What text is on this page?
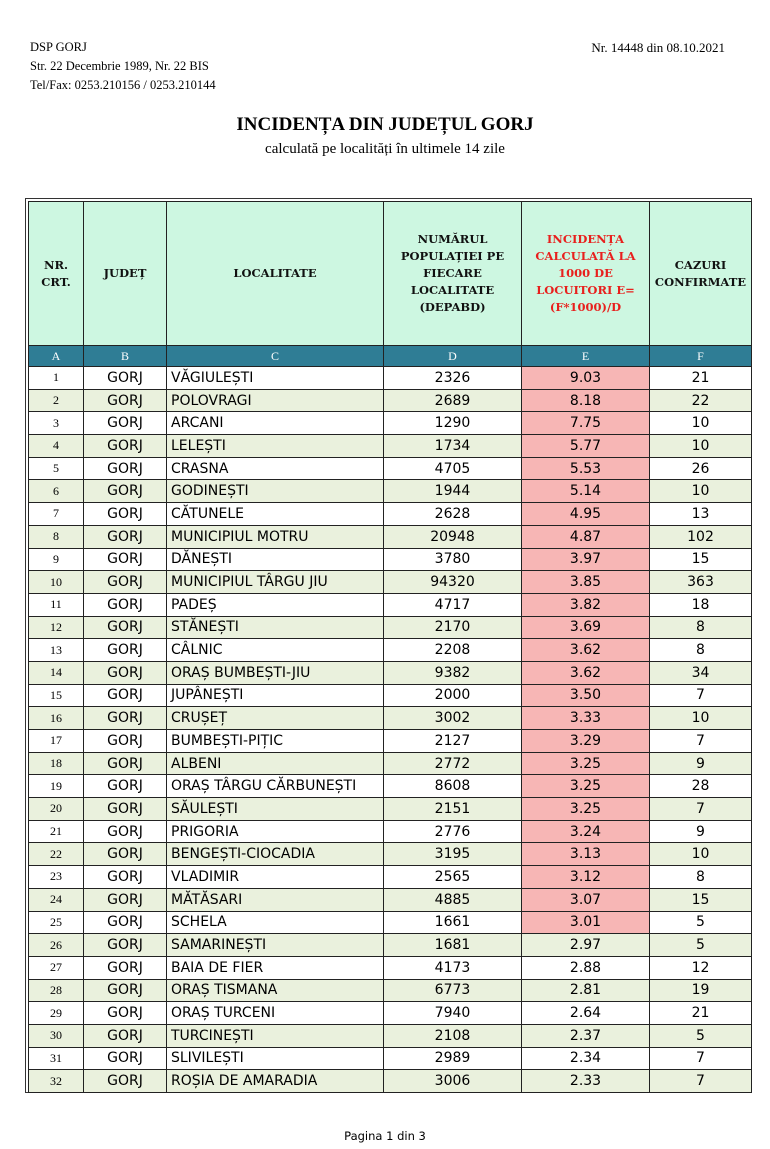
DSP GORJ
Str. 22 Decembrie 1989, Nr. 22 BIS
Tel/Fax: 0253.210156 / 0253.210144
Nr. 14448 din 08.10.2021
INCIDENȚA DIN JUDEȚUL GORJ
calculată pe localități în ultimele 14 zile
NR. CRT.	JUDEȚ	LOCALITATE	NUMĂRUL POPULAȚIEI PE FIECARE LOCALITATE (DEPABD)	INCIDENȚA CALCULATĂ LA 1000 DE LOCUITORI E=(F*1000)/D	CAZURI CONFIRMATE
A	B	C	D	E	F
1	GORJ	VĂGIULEȘTI	2326	9.03	21
2	GORJ	POLOVRAGI	2689	8.18	22
3	GORJ	ARCANI	1290	7.75	10
4	GORJ	LELEȘTI	1734	5.77	10
5	GORJ	CRASNA	4705	5.53	26
6	GORJ	GODINEȘTI	1944	5.14	10
7	GORJ	CĂTUNELE	2628	4.95	13
8	GORJ	MUNICIPIUL MOTRU	20948	4.87	102
9	GORJ	DĂNEȘTI	3780	3.97	15
10	GORJ	MUNICIPIUL TÂRGU JIU	94320	3.85	363
11	GORJ	PADEȘ	4717	3.82	18
12	GORJ	STĂNEȘTI	2170	3.69	8
13	GORJ	CÂLNIC	2208	3.62	8
14	GORJ	ORAȘ BUMBEȘTI-JIU	9382	3.62	34
15	GORJ	JUPÂNEȘTI	2000	3.50	7
16	GORJ	CRUȘEȚ	3002	3.33	10
17	GORJ	BUMBEȘTI-PIȚIC	2127	3.29	7
18	GORJ	ALBENI	2772	3.25	9
19	GORJ	ORAȘ TÂRGU CĂRBUNEȘTI	8608	3.25	28
20	GORJ	SĂULEȘTI	2151	3.25	7
21	GORJ	PRIGORIA	2776	3.24	9
22	GORJ	BENGEȘTI-CIOCADIA	3195	3.13	10
23	GORJ	VLADIMIR	2565	3.12	8
24	GORJ	MĂTĂSARI	4885	3.07	15
25	GORJ	SCHELA	1661	3.01	5
26	GORJ	SAMARINEȘTI	1681	2.97	5
27	GORJ	BAIA DE FIER	4173	2.88	12
28	GORJ	ORAȘ TISMANA	6773	2.81	19
29	GORJ	ORAȘ TURCENI	7940	2.64	21
30	GORJ	TURCINEȘTI	2108	2.37	5
31	GORJ	SLIVILEȘTI	2989	2.34	7
32	GORJ	ROȘIA DE AMARADIA	3006	2.33	7
Pagina 1 din 3
